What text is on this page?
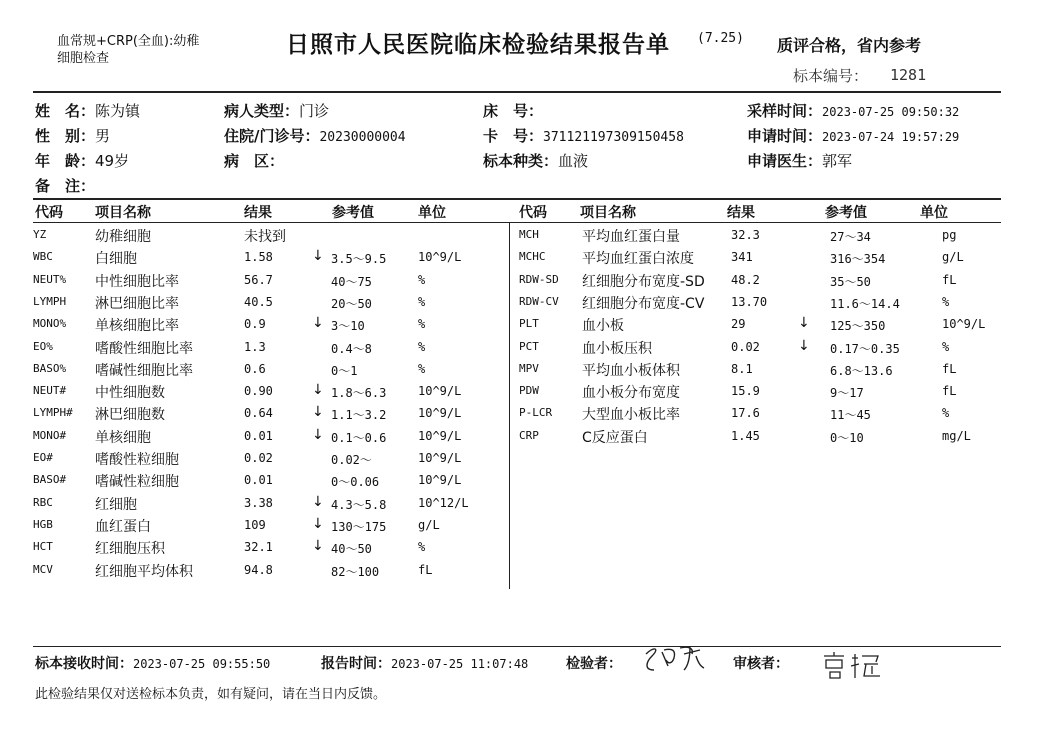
血常规+CRP(全血):幼稚
细胞检查
日照市人民医院临床检验结果报告单 (7.25) 质评合格，省内参考
标本编号： 1281
姓　名：陈为镇	病人类型：门诊	床　号：	采样时间：2023-07-25 09:50:32
性　别：男	住院/门诊号：20230000004	卡　号：371121197309150458	申请时间：2023-07-24 19:57:29
年　龄：49岁	病　区：	标本种类：血液	申请医生：郭军
备　注：
代码 项目名称	结果	参考值	单位	代码 项目名称	结果	参考值	单位
YZ	幼稚细胞	未找到
WBC	白细胞	1.58	↓ 3.5～9.5	10^9/L
NEUT% 中性细胞比率	56.7	40～75	%
LYMPH 淋巴细胞比率	40.5	20～50	%
MONO% 单核细胞比率	0.9	↓ 3～10	%
EO%	嗜酸性细胞比率	1.3	0.4～8	%
BASO% 嗜碱性细胞比率	0.6	0～1	%
NEUT# 中性细胞数	0.90	↓ 1.8～6.3	10^9/L
LYMPH# 淋巴细胞数	0.64	↓ 1.1～3.2	10^9/L
MONO# 单核细胞	0.01	↓ 0.1～0.6	10^9/L
EO#	嗜酸性粒细胞	0.02	0.02～	10^9/L
BASO# 嗜碱性粒细胞	0.01	0～0.06	10^9/L
RBC	红细胞	3.38	↓ 4.3～5.8	10^12/L
HGB	血红蛋白	109	↓ 130～175	g/L
HCT	红细胞压积	32.1	↓ 40～50	%
MCV	红细胞平均体积	94.8	82～100	fL
MCH	平均血红蛋白量	32.3	27～34	pg
MCHC	平均血红蛋白浓度	341	316～354	g/L
RDW-SD 红细胞分布宽度-SD 48.2	35～50	fL
RDW-CV 红细胞分布宽度-CV 13.70	11.6～14.4	%
PLT	血小板	29	↓ 125～350	10^9/L
PCT	血小板压积	0.02	↓ 0.17～0.35	%
MPV	平均血小板体积	8.1	6.8～13.6	fL
PDW	血小板分布宽度	15.9	9～17	fL
P-LCR 大型血小板比率	17.6	11～45	%
CRP	C反应蛋白	1.45	0～10	mg/L
标本接收时间：2023-07-25 09:55:50	报告时间：2023-07-25 11:07:48	检验者：	审核者：
此检验结果仅对送检标本负责，如有疑问，请在当日内反馈。
